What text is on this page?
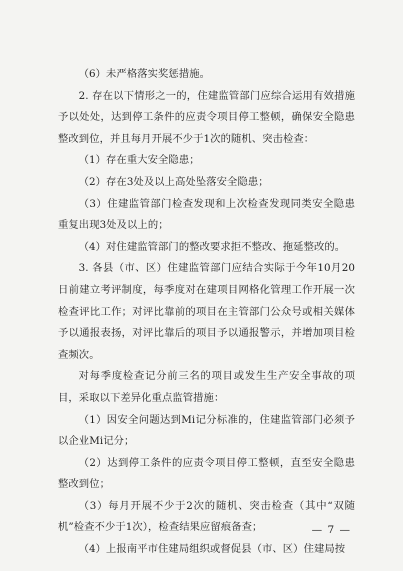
（6）未严格落实奖惩措施。

2. 存在以下情形之一的，住建监管部门应综合运用有效措施予以处处，达到停工条件的应责令项目停工整顿，确保安全隐患整改到位，并且每月开展不少于1次的随机、突击检查：

（1）存在重大安全隐患；

（2）存在3处及以上高处坠落安全隐患；

（3）住建监管部门检查发现和上次检查发现同类安全隐患重复出现3处及以上的；

（4）对住建监管部门的整改要求拒不整改、拖延整改的。

3. 各县（市、区）住建监管部门应结合实际于今年10月20日前建立考评制度，每季度对在建项目网格化管理工作开展一次检查评比工作；对评比靠前的项目在主管部门公众号或相关媒体予以通报表扬，对评比靠后的项目予以通报警示，并增加项目检查频次。

对每季度检查记分前三名的项目或发生生产安全事故的项目，采取以下差异化重点监管措施：

（1）因安全问题达到Mi记分标准的，住建监管部门必须予以企业Mi记分；

（2）达到停工条件的应责令项目停工整顿，直至安全隐患整改到位；

（3）每月开展不少于2次的随机、突击检查（其中“双随机”检查不少于1次），检查结果应留痕备查；

（4）上报南平市住建局组织或督促县（市、区）住建局按

— 7 —
